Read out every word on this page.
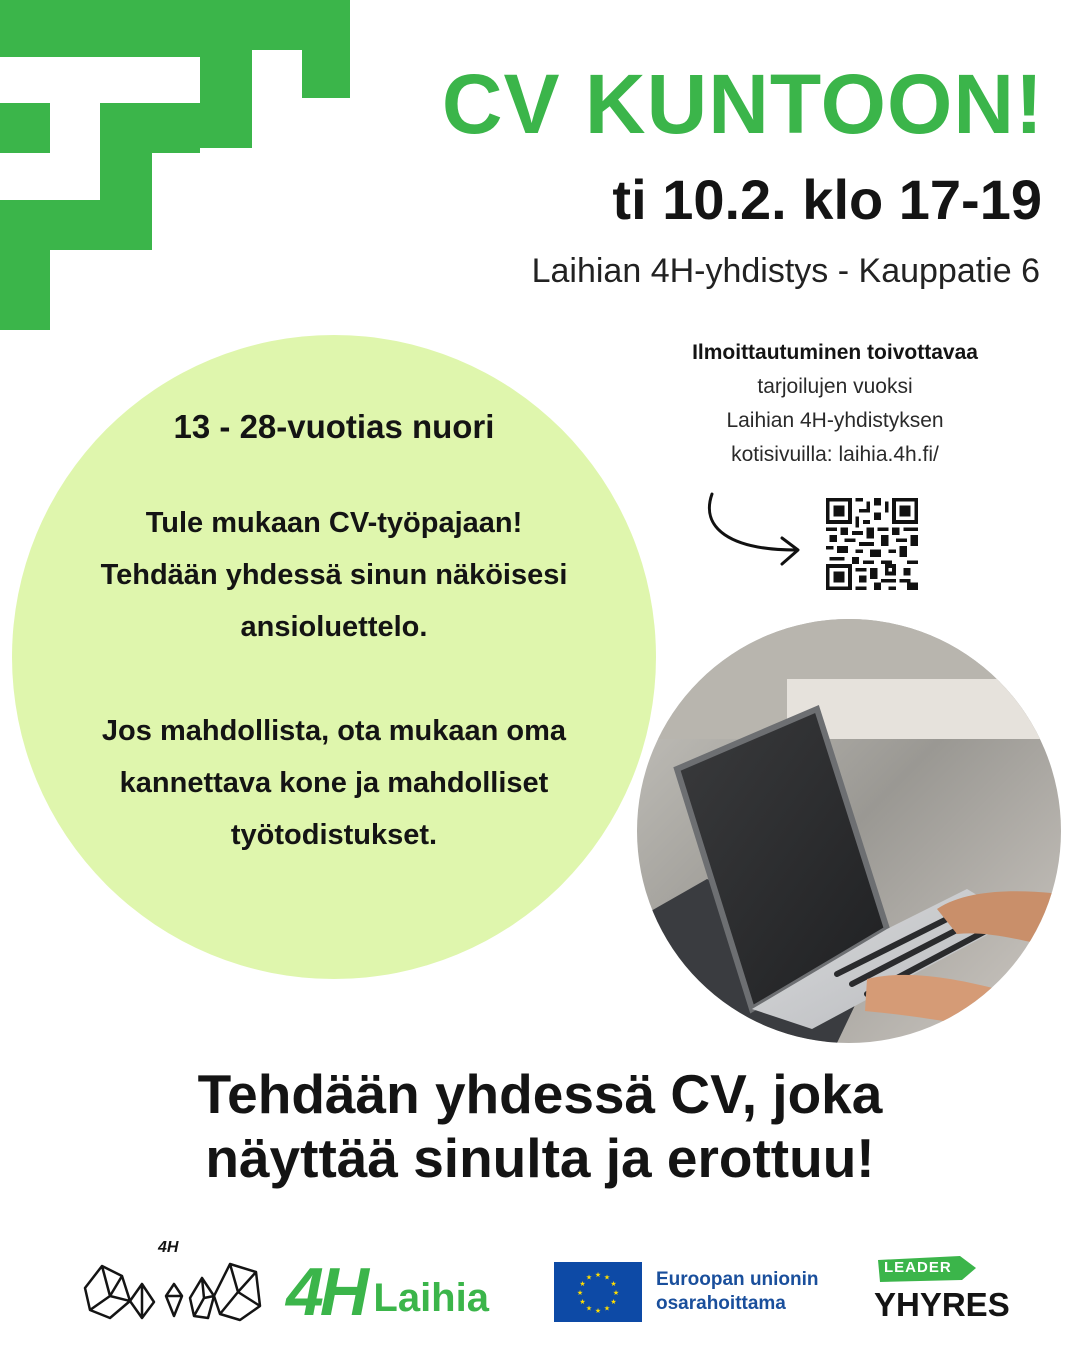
CV KUNTOON!
ti 10.2. klo 17-19

Laihian 4H-yhdistys - Kauppatie 6

Ilmoittautuminen toivottavaa
tarjoilujen vuoksi
Laihian 4H-yhdistyksen
kotisivuilla: laihia.4h.fi/

13 - 28-vuotias nuori

Tule mukaan CV-työpajaan!
Tehdään yhdessä sinun näköisesi
ansioluettelo.
Jos mahdollista, ota mukaan oma
kannettava kone ja mahdolliset
työtodistukset.
Tehdään yhdessä CV, joka
näyttää sinulta ja erottuu!
4H
4H Laihia
★ ★
★
★
★
★
★
★
★
★
★
★	Euroopan unionin
osarahoittama
LEADER
YHYRES
